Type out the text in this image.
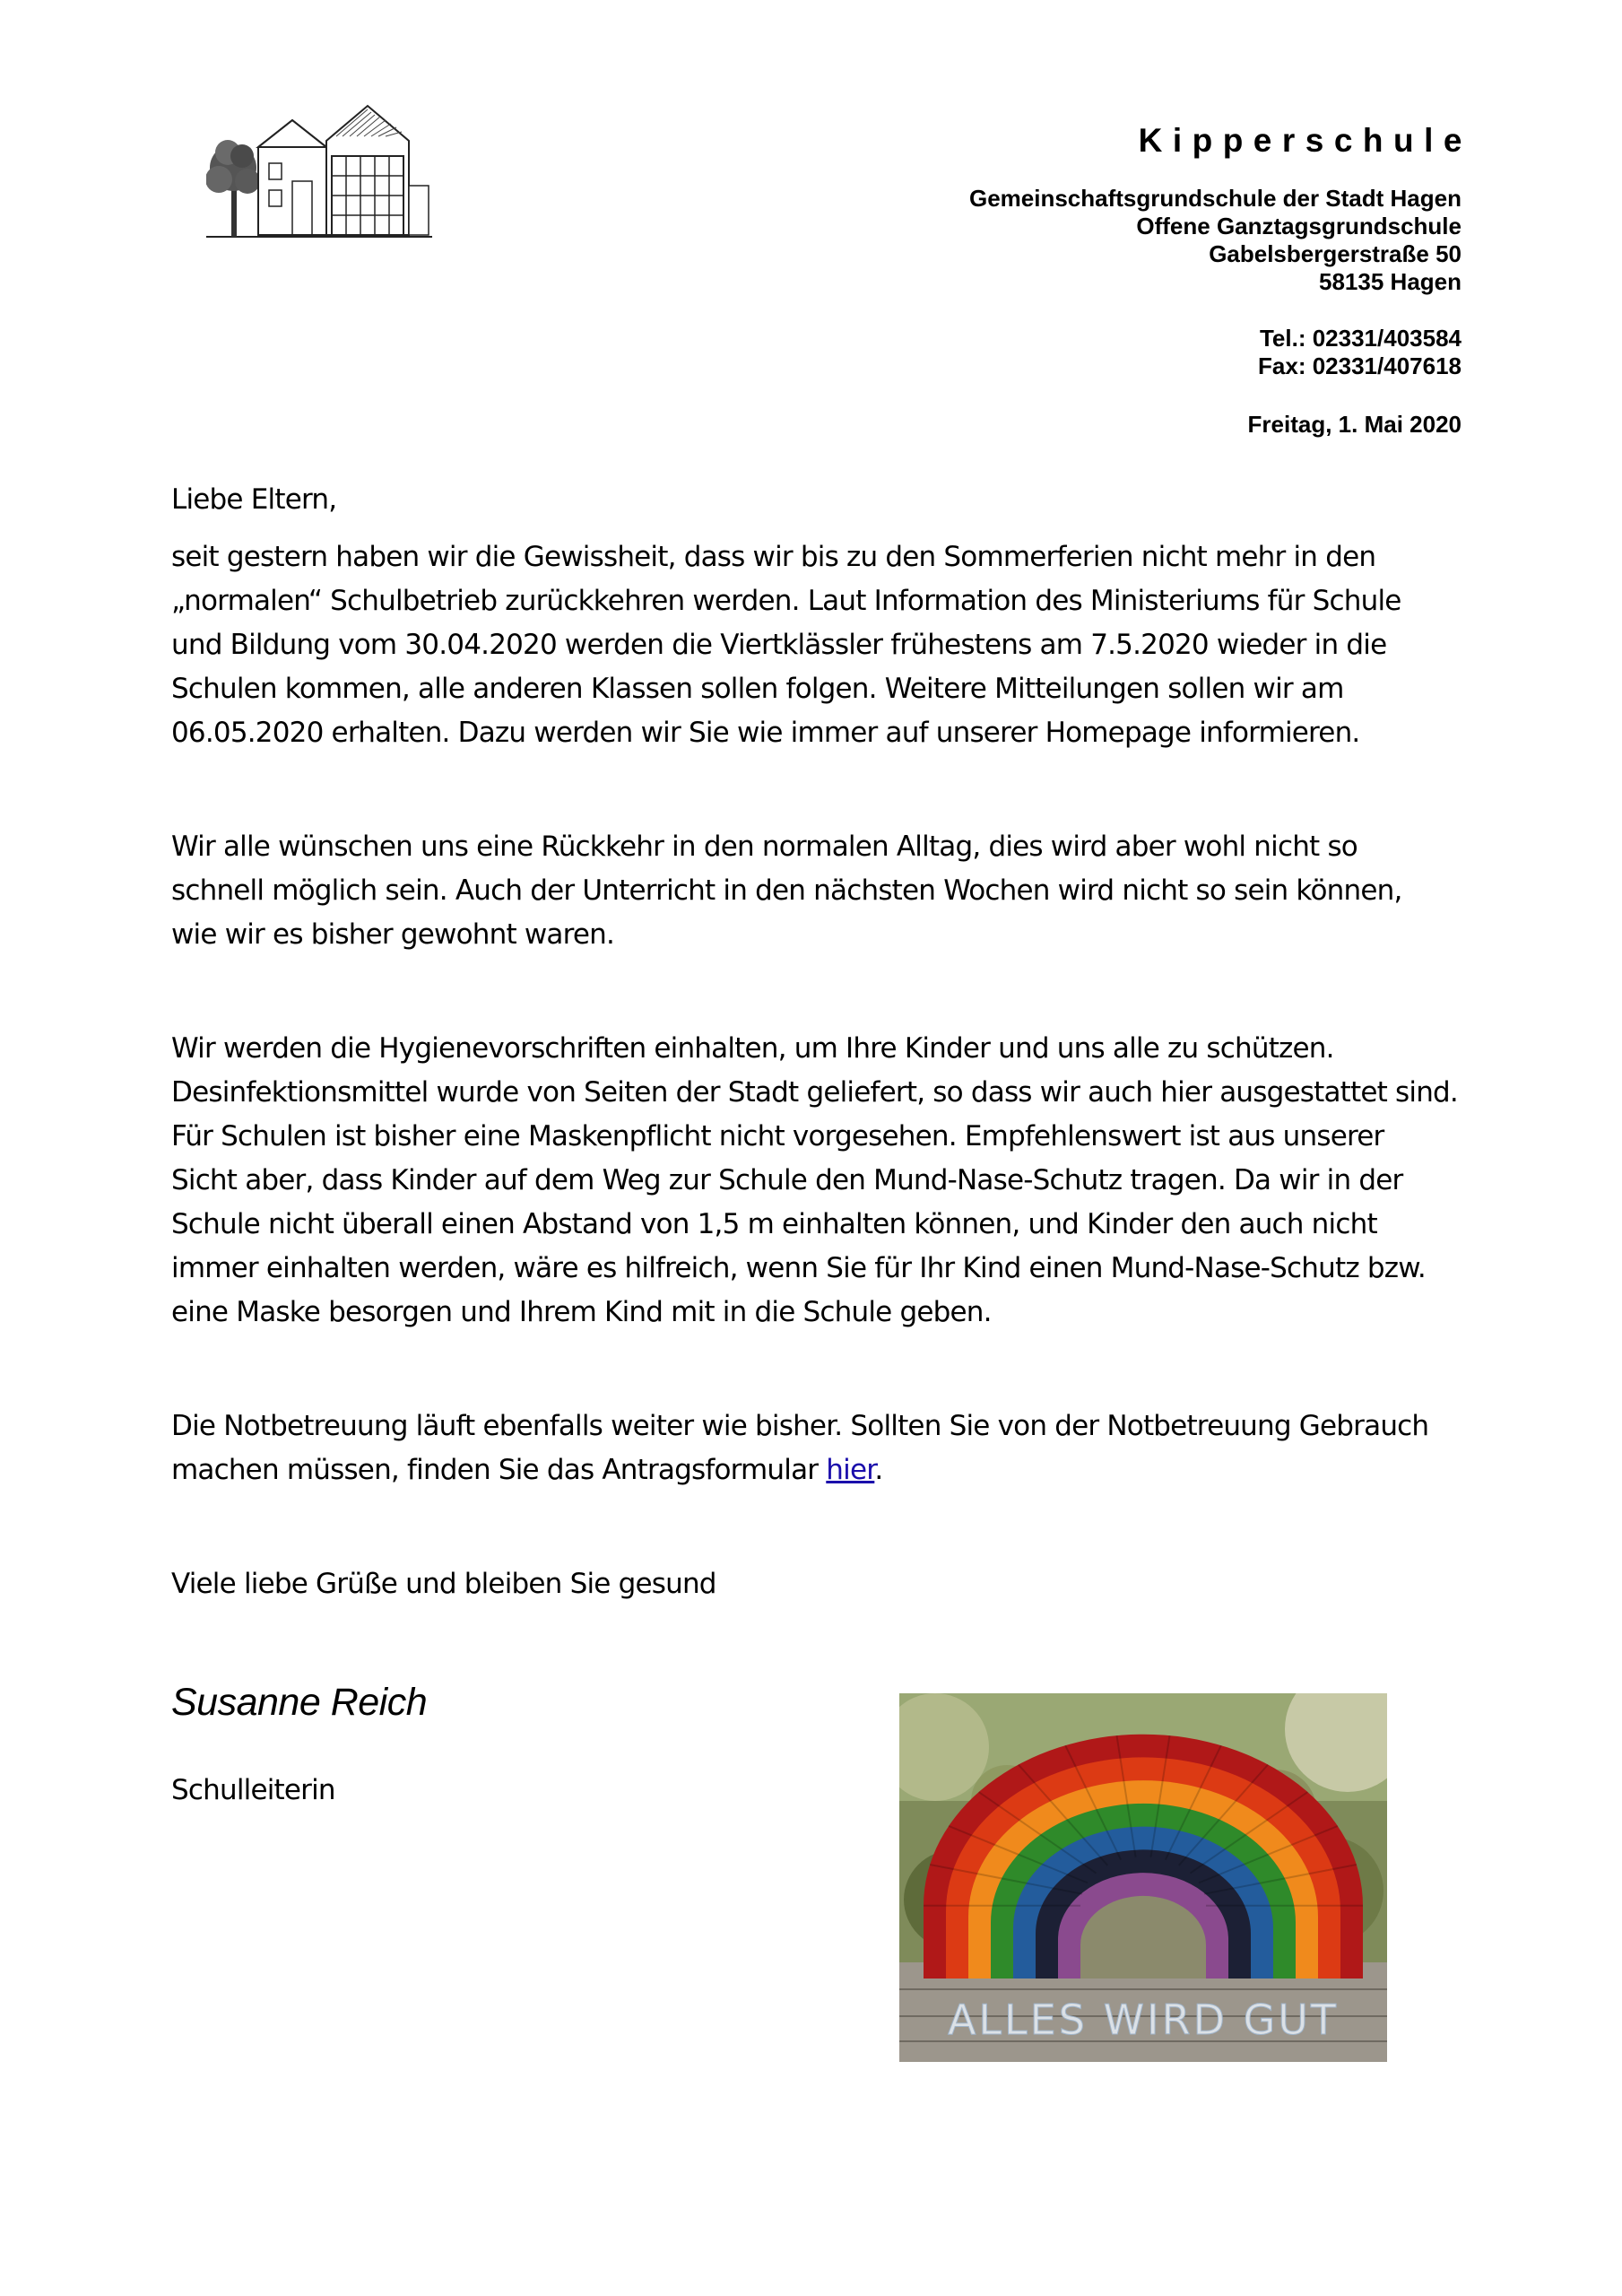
Kipperschule
Gemeinschaftsgrundschule der Stadt Hagen
Offene Ganztagsgrundschule
Gabelsbergerstraße 50
58135 Hagen
Tel.: 02331/403584
Fax: 02331/407618
Freitag, 1. Mai 2020

Liebe Eltern,

seit gestern haben wir die Gewissheit, dass wir bis zu den Sommerferien nicht mehr in den

„normalen“ Schulbetrieb zurückkehren werden. Laut Information des Ministeriums für Schule

und Bildung vom 30.04.2020 werden die Viertklässler frühestens am 7.5.2020 wieder in die

Schulen kommen, alle anderen Klassen sollen folgen. Weitere Mitteilungen sollen wir am

06.05.2020 erhalten. Dazu werden wir Sie wie immer auf unserer Homepage informieren.

Wir alle wünschen uns eine Rückkehr in den normalen Alltag, dies wird aber wohl nicht so

schnell möglich sein. Auch der Unterricht in den nächsten Wochen wird nicht so sein können,

wie wir es bisher gewohnt waren.

Wir werden die Hygienevorschriften einhalten, um Ihre Kinder und uns alle zu schützen.

Desinfektionsmittel wurde von Seiten der Stadt geliefert, so dass wir auch hier ausgestattet sind.

Für Schulen ist bisher eine Maskenpflicht nicht vorgesehen. Empfehlenswert ist aus unserer

Sicht aber, dass Kinder auf dem Weg zur Schule den Mund-Nase-Schutz tragen. Da wir in der

Schule nicht überall einen Abstand von 1,5 m einhalten können, und Kinder den auch nicht

immer einhalten werden, wäre es hilfreich, wenn Sie für Ihr Kind einen Mund-Nase-Schutz bzw.

eine Maske besorgen und Ihrem Kind mit in die Schule geben.

Die Notbetreuung läuft ebenfalls weiter wie bisher. Sollten Sie von der Notbetreuung Gebrauch

machen müssen, finden Sie das Antragsformular hier.

Viele liebe Grüße und bleiben Sie gesund

Susanne Reich
Schulleiterin
ALLES WIRD GUT
